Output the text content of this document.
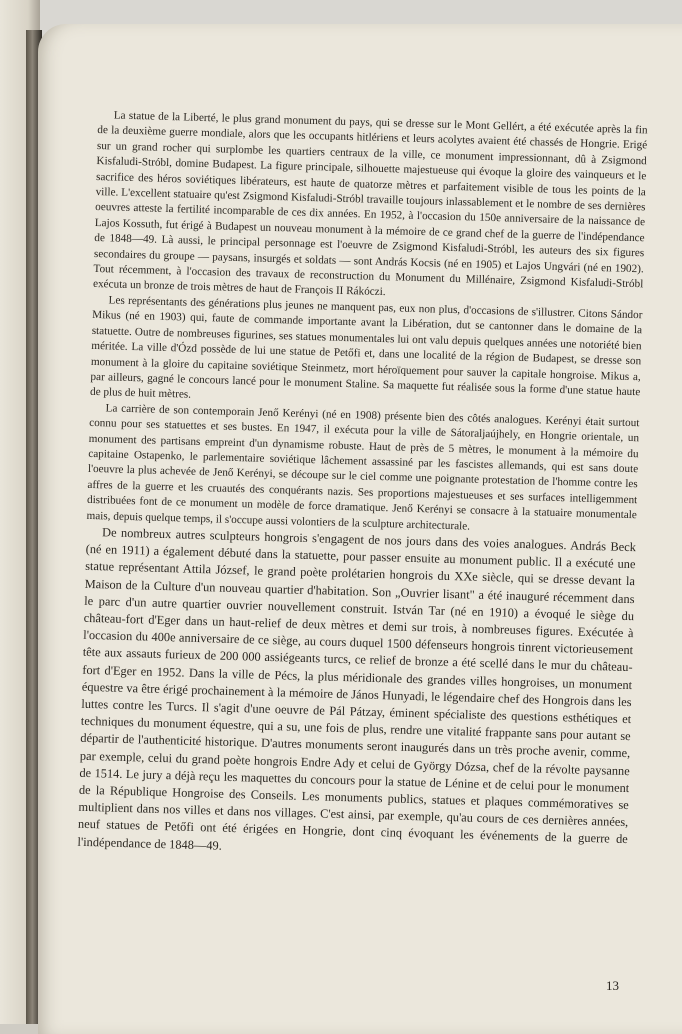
La statue de la Liberté, le plus grand monument du pays, qui se dresse sur le Mont Gellért, a été exécutée après la fin de la deuxième guerre mondiale, alors que les occupants hitlériens et leurs acolytes avaient été chassés de Hongrie. Erigé sur un grand rocher qui surplombe les quartiers centraux de la ville, ce monument impressionnant, dû à Zsigmond Kisfaludi-Stróbl, domine Budapest. La figure principale, silhouette majestueuse qui évoque la gloire des vainqueurs et le sacrifice des héros soviétiques libérateurs, est haute de quatorze mètres et parfaitement visible de tous les points de la ville. L'excellent statuaire qu'est Zsigmond Kisfaludi-Stróbl travaille toujours inlassablement et le nombre de ses dernières oeuvres atteste la fertilité incomparable de ces dix années. En 1952, à l'occasion du 150e anniversaire de la naissance de Lajos Kossuth, fut érigé à Budapest un nouveau monument à la mémoire de ce grand chef de la guerre de l'indépendance de 1848—49. Là aussi, le principal personnage est l'oeuvre de Zsigmond Kisfaludi-Stróbl, les auteurs des six figures secondaires du groupe — paysans, insurgés et soldats — sont András Kocsis (né en 1905) et Lajos Ungvári (né en 1902). Tout récemment, à l'occasion des travaux de reconstruction du Monument du Millénaire, Zsigmond Kisfaludi-Stróbl exécuta un bronze de trois mètres de haut de François II Rákóczi.

Les représentants des générations plus jeunes ne manquent pas, eux non plus, d'occasions de s'illustrer. Citons Sándor Mikus (né en 1903) qui, faute de commande importante avant la Libération, dut se cantonner dans le domaine de la statuette. Outre de nombreuses figurines, ses statues monumentales lui ont valu depuis quelques années une notoriété bien méritée. La ville d'Ózd possède de lui une statue de Petőfi et, dans une localité de la région de Budapest, se dresse son monument à la gloire du capitaine soviétique Steinmetz, mort héroïquement pour sauver la capitale hongroise. Mikus a, par ailleurs, gagné le concours lancé pour le monument Staline. Sa maquette fut réalisée sous la forme d'une statue haute de plus de huit mètres.

La carrière de son contemporain Jenő Kerényi (né en 1908) présente bien des côtés analogues. Kerényi était surtout connu pour ses statuettes et ses bustes. En 1947, il exécuta pour la ville de Sátoraljaújhely, en Hongrie orientale, un monument des partisans empreint d'un dynamisme robuste. Haut de près de 5 mètres, le monument à la mémoire du capitaine Ostapenko, le parlementaire soviétique lâchement assassiné par les fascistes allemands, qui est sans doute l'oeuvre la plus achevée de Jenő Kerényi, se découpe sur le ciel comme une poignante protestation de l'homme contre les affres de la guerre et les cruautés des conquérants nazis. Ses proportions majestueuses et ses surfaces intelligemment distribuées font de ce monument un modèle de force dramatique. Jenő Kerényi se consacre à la statuaire monumentale mais, depuis quelque temps, il s'occupe aussi volontiers de la sculpture architecturale.

De nombreux autres sculpteurs hongrois s'engagent de nos jours dans des voies analogues. András Beck (né en 1911) a également débuté dans la statuette, pour passer ensuite au monument public. Il a exécuté une statue représentant Attila József, le grand poète prolétarien hongrois du XXe siècle, qui se dresse devant la Maison de la Culture d'un nouveau quartier d'habitation. Son „Ouvrier lisant" a été inauguré récemment dans le parc d'un autre quartier ouvrier nouvellement construit. István Tar (né en 1910) a évoqué le siège du château-fort d'Eger dans un haut-relief de deux mètres et demi sur trois, à nombreuses figures. Exécutée à l'occasion du 400e anniversaire de ce siège, au cours duquel 1500 défenseurs hongrois tinrent victorieusement tête aux assauts furieux de 200 000 assiégeants turcs, ce relief de bronze a été scellé dans le mur du château-fort d'Eger en 1952. Dans la ville de Pécs, la plus méridionale des grandes villes hongroises, un monument équestre va être érigé prochainement à la mémoire de János Hunyadi, le légendaire chef des Hongrois dans les luttes contre les Turcs. Il s'agit d'une oeuvre de Pál Pátzay, éminent spécialiste des questions esthétiques et techniques du monument équestre, qui a su, une fois de plus, rendre une vitalité frappante sans pour autant se départir de l'authenticité historique. D'autres monuments seront inaugurés dans un très proche avenir, comme, par exemple, celui du grand poète hongrois Endre Ady et celui de György Dózsa, chef de la révolte paysanne de 1514. Le jury a déjà reçu les maquettes du concours pour la statue de Lénine et de celui pour le monument de la République Hongroise des Conseils. Les monuments publics, statues et plaques commémoratives se multiplient dans nos villes et dans nos villages. C'est ainsi, par exemple, qu'au cours de ces dernières années, neuf statues de Petőfi ont été érigées en Hongrie, dont cinq évoquant les événements de la guerre de l'indépendance de 1848—49.

13
